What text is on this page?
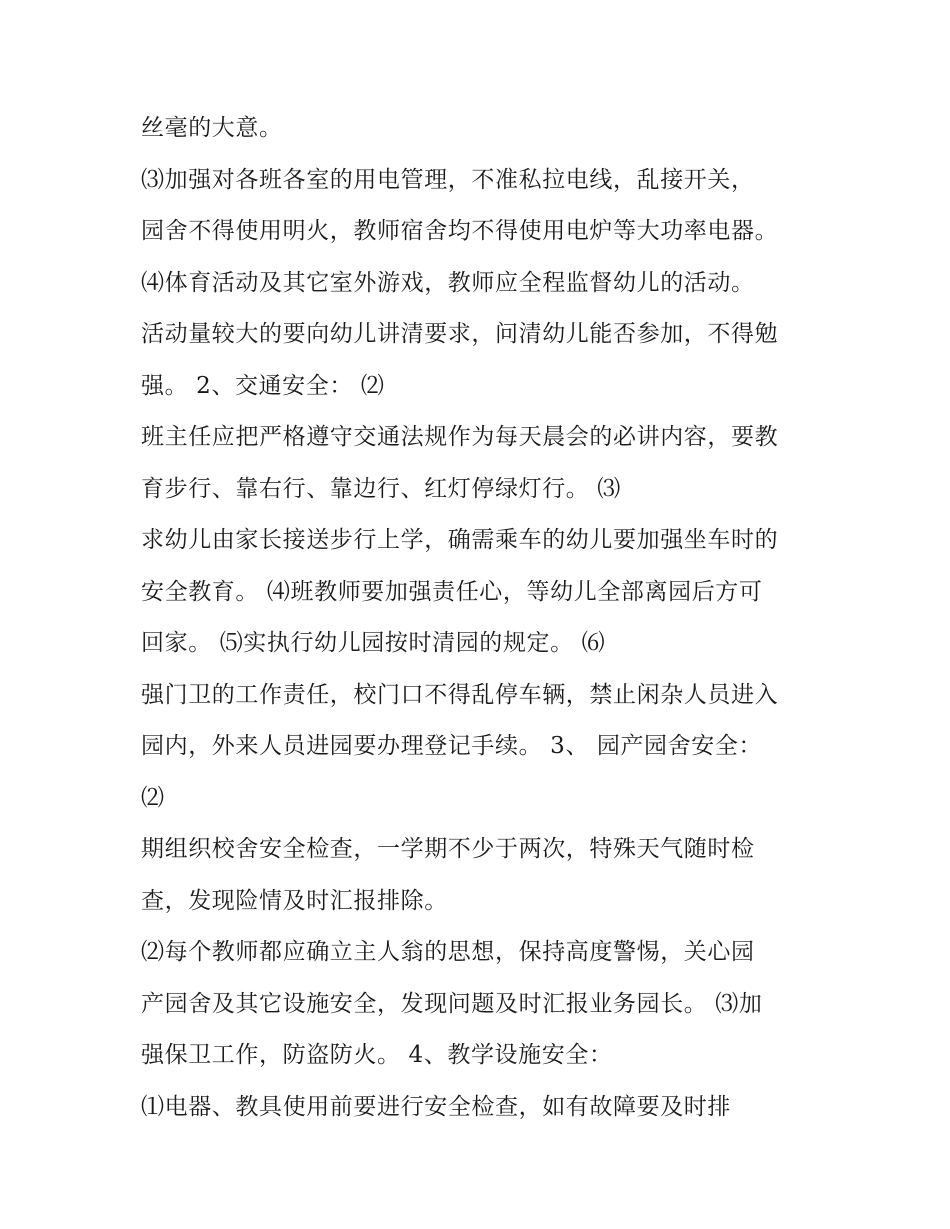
丝毫的大意。
⑶加强对各班各室的用电管理，不准私拉电线，乱接开关，
园舍不得使用明火，教师宿舍均不得使用电炉等大功率电器。
⑷体育活动及其它室外游戏，教师应全程监督幼儿的活动。
活动量较大的要向幼儿讲清要求，问清幼儿能否参加，不得勉
强。 2、交通安全： ⑵
班主任应把严格遵守交通法规作为每天晨会的必讲内容，要教
育步行、靠右行、靠边行、红灯停绿灯行。 ⑶
求幼儿由家长接送步行上学，确需乘车的幼儿要加强坐车时的
安全教育。 ⑷班教师要加强责任心，等幼儿全部离园后方可
回家。 ⑸实执行幼儿园按时清园的规定。 ⑹
强门卫的工作责任，校门口不得乱停车辆，禁止闲杂人员进入
园内，外来人员进园要办理登记手续。 3、 园产园舍安全：
⑵
期组织校舍安全检查，一学期不少于两次，特殊天气随时检
查，发现险情及时汇报排除。
⑵每个教师都应确立主人翁的思想，保持高度警惕，关心园
产园舍及其它设施安全，发现问题及时汇报业务园长。 ⑶加
强保卫工作，防盗防火。 4、教学设施安全：
⑴电器、教具使用前要进行安全检查，如有故障要及时排
